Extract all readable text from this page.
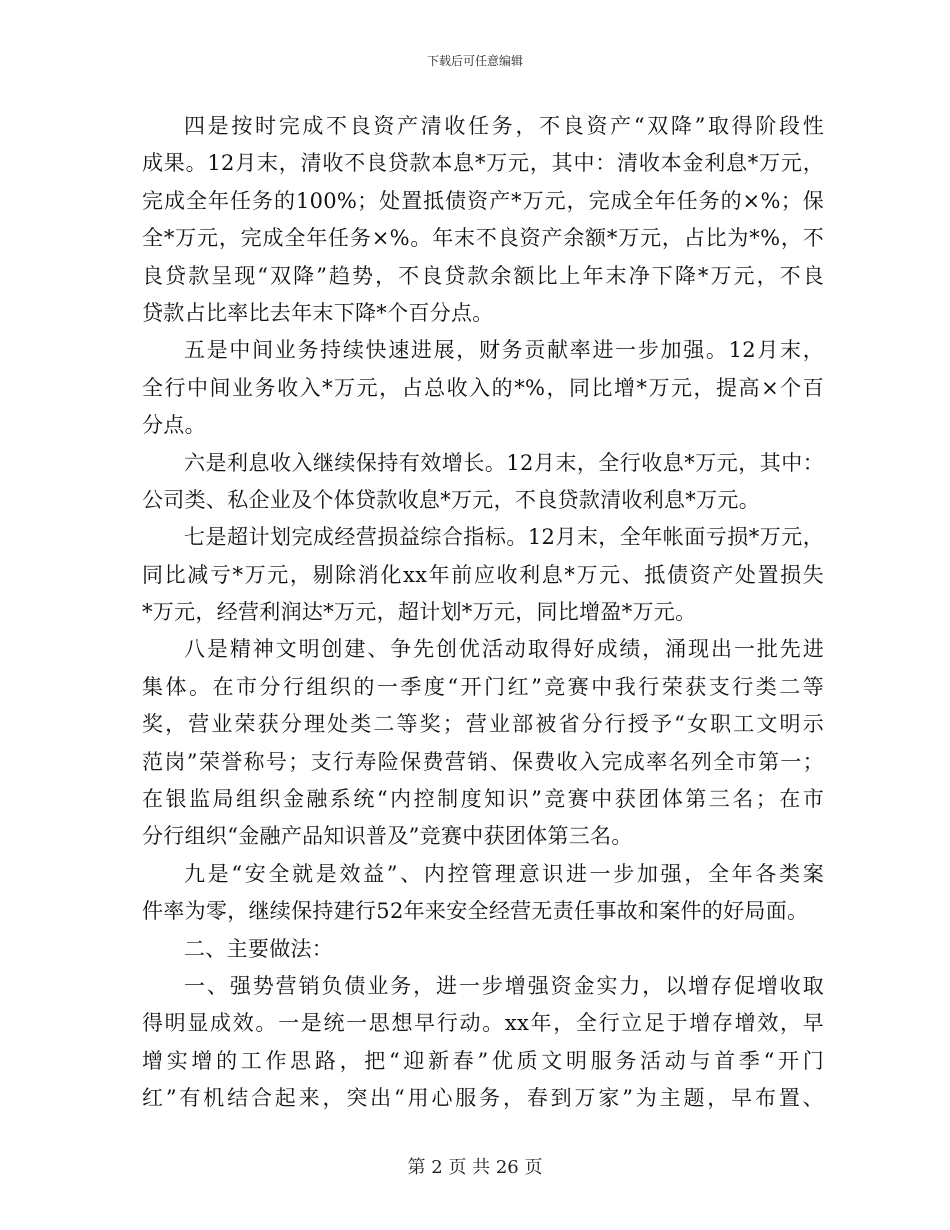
下载后可任意编辑
四是按时完成不良资产清收任务，不良资产“双降”取得阶段性
成果。12月末，清收不良贷款本息*万元，其中：清收本金利息*万元，
完成全年任务的100%；处置抵债资产*万元，完成全年任务的×%；保
全*万元，完成全年任务×%。年末不良资产余额*万元，占比为*%，不
良贷款呈现“双降”趋势，不良贷款余额比上年末净下降*万元，不良
贷款占比率比去年末下降*个百分点。
五是中间业务持续快速进展，财务贡献率进一步加强。12月末，
全行中间业务收入*万元，占总收入的*%，同比增*万元，提高×个百
分点。
六是利息收入继续保持有效增长。12月末，全行收息*万元，其中：
公司类、私企业及个体贷款收息*万元，不良贷款清收利息*万元。
七是超计划完成经营损益综合指标。12月末，全年帐面亏损*万元，
同比减亏*万元，剔除消化xx年前应收利息*万元、抵债资产处置损失
*万元，经营利润达*万元，超计划*万元，同比增盈*万元。
八是精神文明创建、争先创优活动取得好成绩，涌现出一批先进
集体。在市分行组织的一季度“开门红”竞赛中我行荣获支行类二等
奖，营业荣获分理处类二等奖；营业部被省分行授予“女职工文明示
范岗”荣誉称号；支行寿险保费营销、保费收入完成率名列全市第一；
在银监局组织金融系统“内控制度知识”竞赛中获团体第三名；在市
分行组织“金融产品知识普及”竞赛中获团体第三名。
九是“安全就是效益”、内控管理意识进一步加强，全年各类案
件率为零，继续保持建行52年来安全经营无责任事故和案件的好局面。
二、主要做法：
一、强势营销负债业务，进一步增强资金实力，以增存促增收取
得明显成效。一是统一思想早行动。xx年，全行立足于增存增效，早
增实增的工作思路，把“迎新春”优质文明服务活动与首季“开门
红”有机结合起来，突出“用心服务，春到万家”为主题，早布置、
第 2 页 共 26 页
